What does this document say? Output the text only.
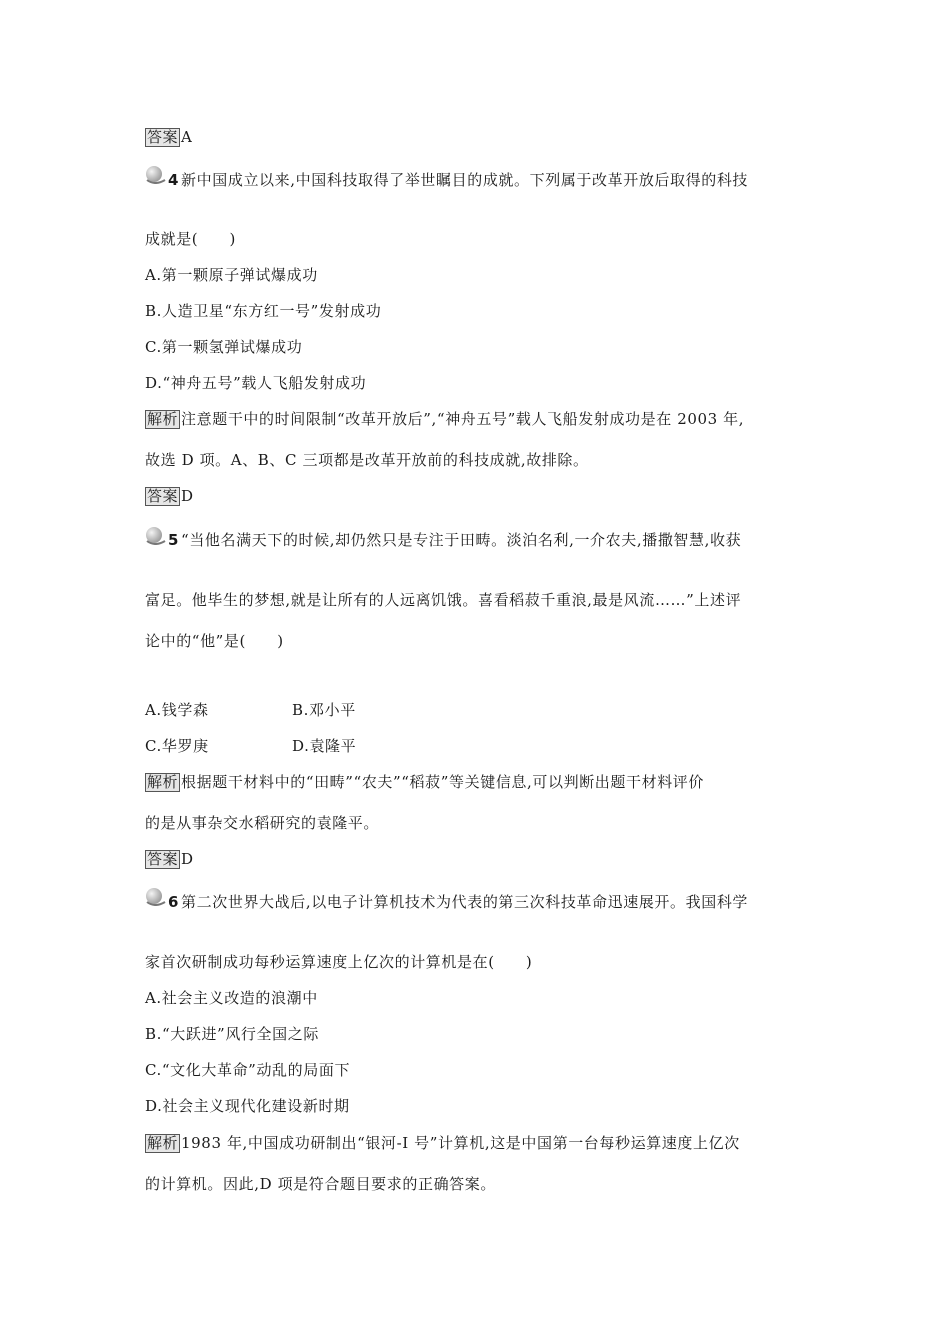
答案 A
4 新中国成立以来,中国科技取得了举世瞩目的成就。下列属于改革开放后取得的科技
成就是(　　)
A.第一颗原子弹试爆成功
B.人造卫星“东方红一号”发射成功
C.第一颗氢弹试爆成功
D.“神舟五号”载人飞船发射成功
解析 注意题干中的时间限制“改革开放后”,“神舟五号”载人飞船发射成功是在 2003 年,
故选 D 项。A、B、C 三项都是改革开放前的科技成就,故排除。
答案 D
5 “当他名满天下的时候,却仍然只是专注于田畴。淡泊名利,一介农夫,播撒智慧,收获
富足。他毕生的梦想,就是让所有的人远离饥饿。喜看稻菽千重浪,最是风流……”上述评
论中的“他”是(　　)
A.钱学森	B.邓小平
C.华罗庚	D.袁隆平
解析 根据题干材料中的“田畴”“农夫”“稻菽”等关键信息,可以判断出题干材料评价
的是从事杂交水稻研究的袁隆平。
答案 D
6 第二次世界大战后,以电子计算机技术为代表的第三次科技革命迅速展开。我国科学
家首次研制成功每秒运算速度上亿次的计算机是在(　　)
A.社会主义改造的浪潮中
B.“大跃进”风行全国之际
C.“文化大革命”动乱的局面下
D.社会主义现代化建设新时期
解析 1983 年,中国成功研制出“银河-Ⅰ 号”计算机,这是中国第一台每秒运算速度上亿次
的计算机。因此,D 项是符合题目要求的正确答案。
